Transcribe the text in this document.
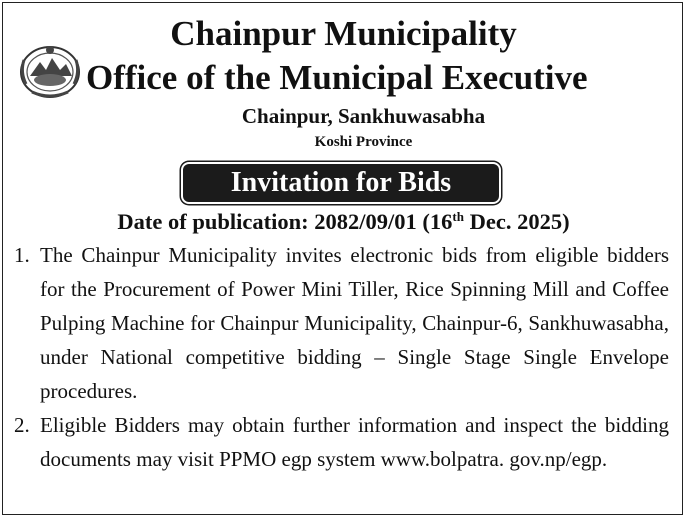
Chainpur Municipality
Office of the Municipal Executive
Chainpur, Sankhuwasabha
Koshi Province
Invitation for Bids
Date of publication: 2082/09/01 (16th Dec. 2025)
1. The Chainpur Municipality invites electronic bids from eligible bidders for the Procurement of Power Mini Tiller, Rice Spinning Mill and Coffee Pulping Machine for Chainpur Municipality, Chainpur-6, Sankhuwasabha, under National competitive bidding – Single Stage Single Envelope procedures.
2. Eligible Bidders may obtain further information and inspect the bidding documents may visit PPMO egp system www.bolpatra. gov.np/egp.
